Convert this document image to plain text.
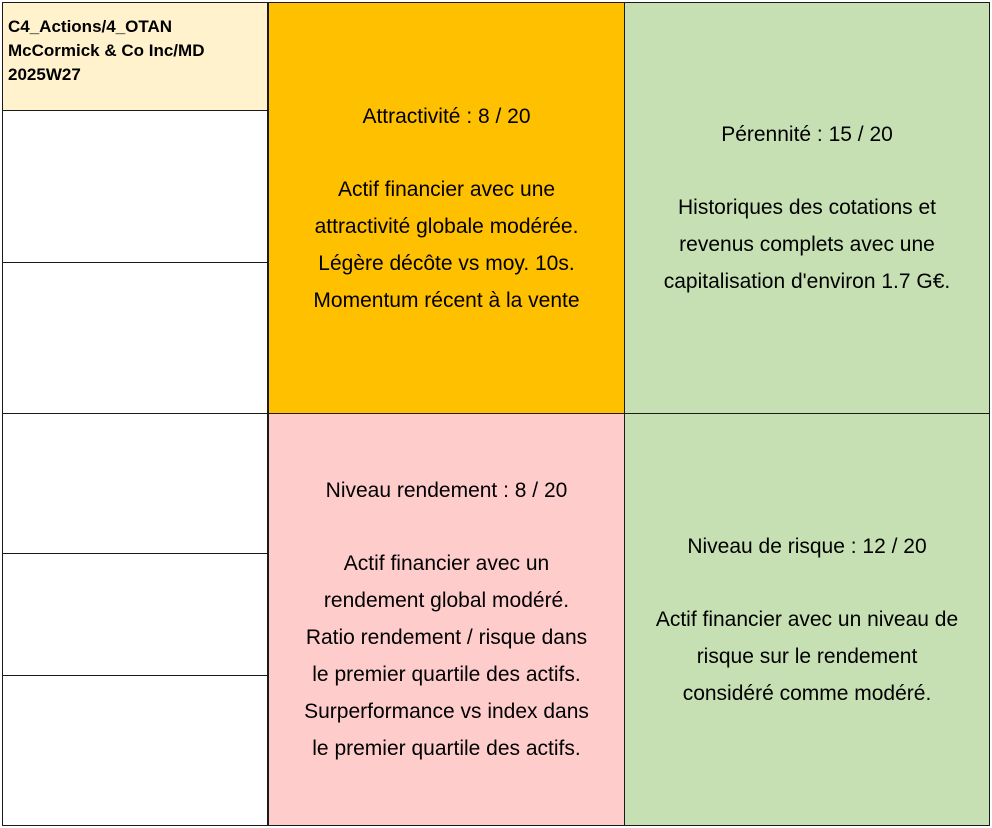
C4_Actions/4_OTAN
McCormick & Co Inc/MD
2025W27
Attractivité : 8 / 20
Actif financier avec une
attractivité globale modérée.
Légère décôte vs moy. 10s.
Momentum récent à la vente
Pérennité : 15 / 20
Historiques des cotations et
revenus complets avec une
capitalisation d'environ 1.7 G€.
Niveau rendement : 8 / 20
Actif financier avec un
rendement global modéré.
Ratio rendement / risque dans
le premier quartile des actifs.
Surperformance vs index dans
le premier quartile des actifs.
Niveau de risque : 12 / 20
Actif financier avec un niveau de
risque sur le rendement
considéré comme modéré.
